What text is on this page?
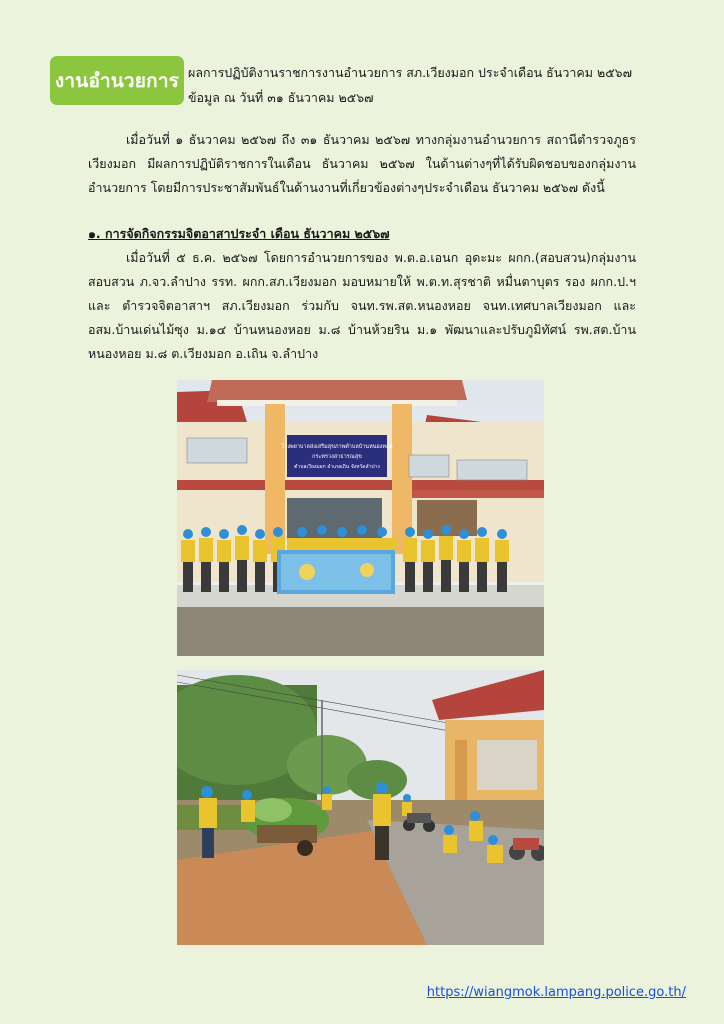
งานอำนวยการ ผลการปฏิบัติงานราชการงานอำนวยการ สภ.เวียงมอก ประจำเดือน ธันวาคม ๒๕๖๗
ข้อมูล ณ วันที่ ๓๑ ธันวาคม ๒๕๖๗
เมื่อวันที่ ๑ ธันวาคม ๒๕๖๗ ถึง ๓๑ ธันวาคม ๒๕๖๗ ทางกลุ่มงานอำนวยการ สถานีตำรวจภูธรเวียงมอก มีผลการปฏิบัติราชการในเดือน ธันวาคม ๒๕๖๗ ในด้านต่างๆที่ได้รับผิดชอบของกลุ่มงานอำนวยการ โดยมีการประชาสัมพันธ์ในด้านงานที่เกี่ยวข้องต่างๆประจำเดือน ธันวาคม ๒๕๖๗ ดังนี้
๑. การจัดกิจกรรมจิตอาสาประจำ เดือน ธันวาคม ๒๕๖๗
เมื่อวันที่ ๕ ธ.ค. ๒๕๖๗ โดยการอำนวยการของ พ.ต.อ.เอนก อุดะมะ ผกก.(สอบสวน)กลุ่มงานสอบสวน ภ.จว.ลำปาง รรท. ผกก.สภ.เวียงมอก มอบหมายให้ พ.ต.ท.สุรชาติ หมื่นตาบุตร รอง ผกก.ป.ฯ และ ตำรวจจิตอาสาฯ สภ.เวียงมอก ร่วมกับ จนท.รพ.สต.หนองหอย จนท.เทศบาลเวียงมอก และ อสม.บ้านเด่นไม้ซุง ม.๑๔ บ้านหนองหอย ม.๘ บ้านห้วยริน ม.๑ พัฒนาและปรับภูมิทัศน์ รพ.สต.บ้านหนองหอย ม.๘ ต.เวียงมอก อ.เถิน จ.ลำปาง
โรงพยาบาลส่งเสริมสุขภาพตำบลบ้านหนองหอย
กระทรวงสาธารณสุข
ตำบลเวียงมอก อำเภอเถิน จังหวัดลำปาง
https://wiangmok.lampang.police.go.th/
